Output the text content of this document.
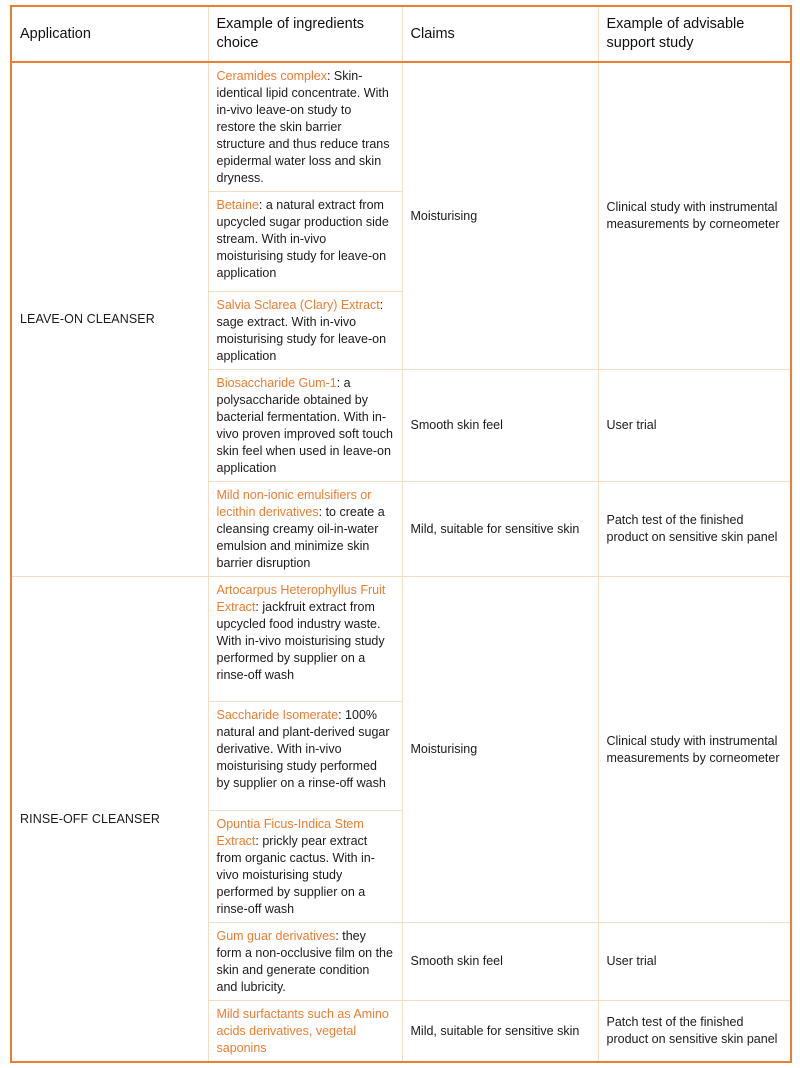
Application	Example of ingredients choice	Claims	Example of advisable support study
LEAVE-ON CLEANSER	Ceramides complex: Skin-identical lipid concentrate. With in-vivo leave-on study to restore the skin barrier structure and thus reduce trans epidermal water loss and skin dryness.	Moisturising	Clinical study with instrumental measurements by corneometer
	Betaine: a natural extract from upcycled sugar production side stream. With in-vivo moisturising study for leave-on application		
	Salvia Sclarea (Clary) Extract: sage extract. With in-vivo moisturising study for leave-on application		
	Biosaccharide Gum-1: a polysaccharide obtained by bacterial fermentation. With in-vivo proven improved soft touch skin feel when used in leave-on application	Smooth skin feel	User trial
	Mild non-ionic emulsifiers or lecithin derivatives: to create a cleansing creamy oil-in-water emulsion and minimize skin barrier disruption	Mild, suitable for sensitive skin	Patch test of the finished product on sensitive skin panel
RINSE-OFF CLEANSER	Artocarpus Heterophyllus Fruit Extract: jackfruit extract from upcycled food industry waste. With in-vivo moisturising study performed by supplier on a rinse-off wash	Moisturising	Clinical study with instrumental measurements by corneometer
	Saccharide Isomerate: 100% natural and plant-derived sugar derivative. With in-vivo moisturising study performed by supplier on a rinse-off wash		
	Opuntia Ficus-Indica Stem Extract: prickly pear extract from organic cactus. With in-vivo moisturising study performed by supplier on a rinse-off wash		
	Gum guar derivatives: they form a non-occlusive film on the skin and generate condition and lubricity.	Smooth skin feel	User trial
	Mild surfactants such as Amino acids derivatives, vegetal saponins	Mild, suitable for sensitive skin	Patch test of the finished product on sensitive skin panel
